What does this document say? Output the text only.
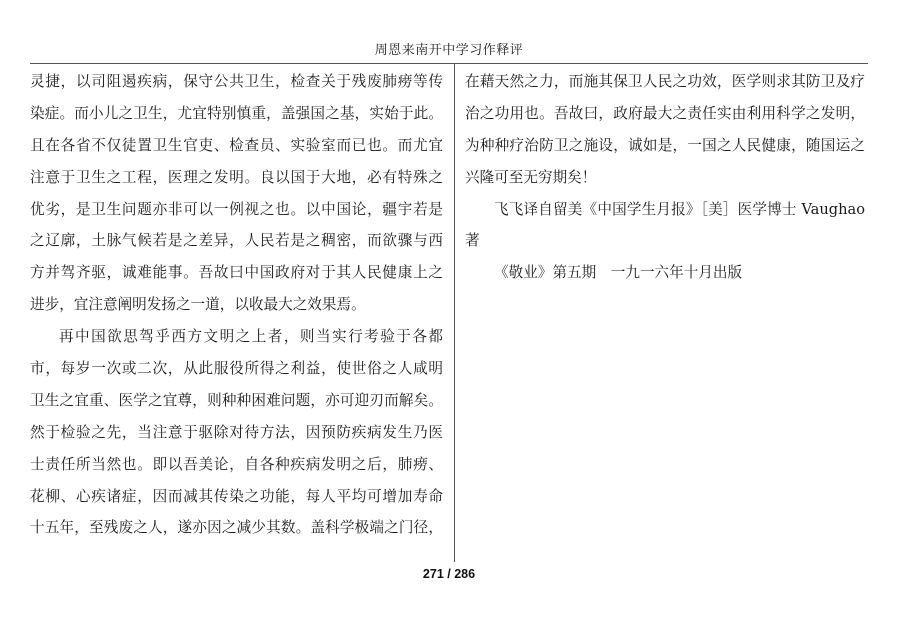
周恩来南开中学习作释评
灵捷，以司阻遏疾病，保守公共卫生，检查关于残废肺痨等传
染症。而小儿之卫生，尤宜特别慎重，盖强国之基，实始于此。
且在各省不仅徒置卫生官吏、检查员、实验室而已也。而尤宜
注意于卫生之工程，医理之发明。良以国于大地，必有特殊之
优劣，是卫生问题亦非可以一例视之也。以中国论，疆宇若是
之辽廓，土脉气候若是之差异，人民若是之稠密，而欲骤与西
方并驾齐驱，诚难能事。吾故曰中国政府对于其人民健康上之
进步，宜注意阐明发扬之一道，以收最大之效果焉。
再中国欲思驾乎西方文明之上者，则当实行考验于各都
市，每岁一次或二次，从此服役所得之利益，使世俗之人咸明
卫生之宜重、医学之宜尊，则种种困难问题，亦可迎刃而解矣。
然于检验之先，当注意于驱除对待方法，因预防疾病发生乃医
士责任所当然也。即以吾美论，自各种疾病发明之后，肺痨、
花柳、心疾诸症，因而减其传染之功能，每人平均可增加寿命
十五年，至残废之人，遂亦因之减少其数。盖科学极端之门径，
在藉天然之力，而施其保卫人民之功效，医学则求其防卫及疗
治之功用也。吾故曰，政府最大之责任实由利用科学之发明，
为种种疗治防卫之施设，诚如是，一国之人民健康，随国运之
兴隆可至无穷期矣！
飞飞译自留美《中国学生月报》［美］医学博士 Vaughao
著
《敬业》第五期　一九一六年十月出版
271 / 286
